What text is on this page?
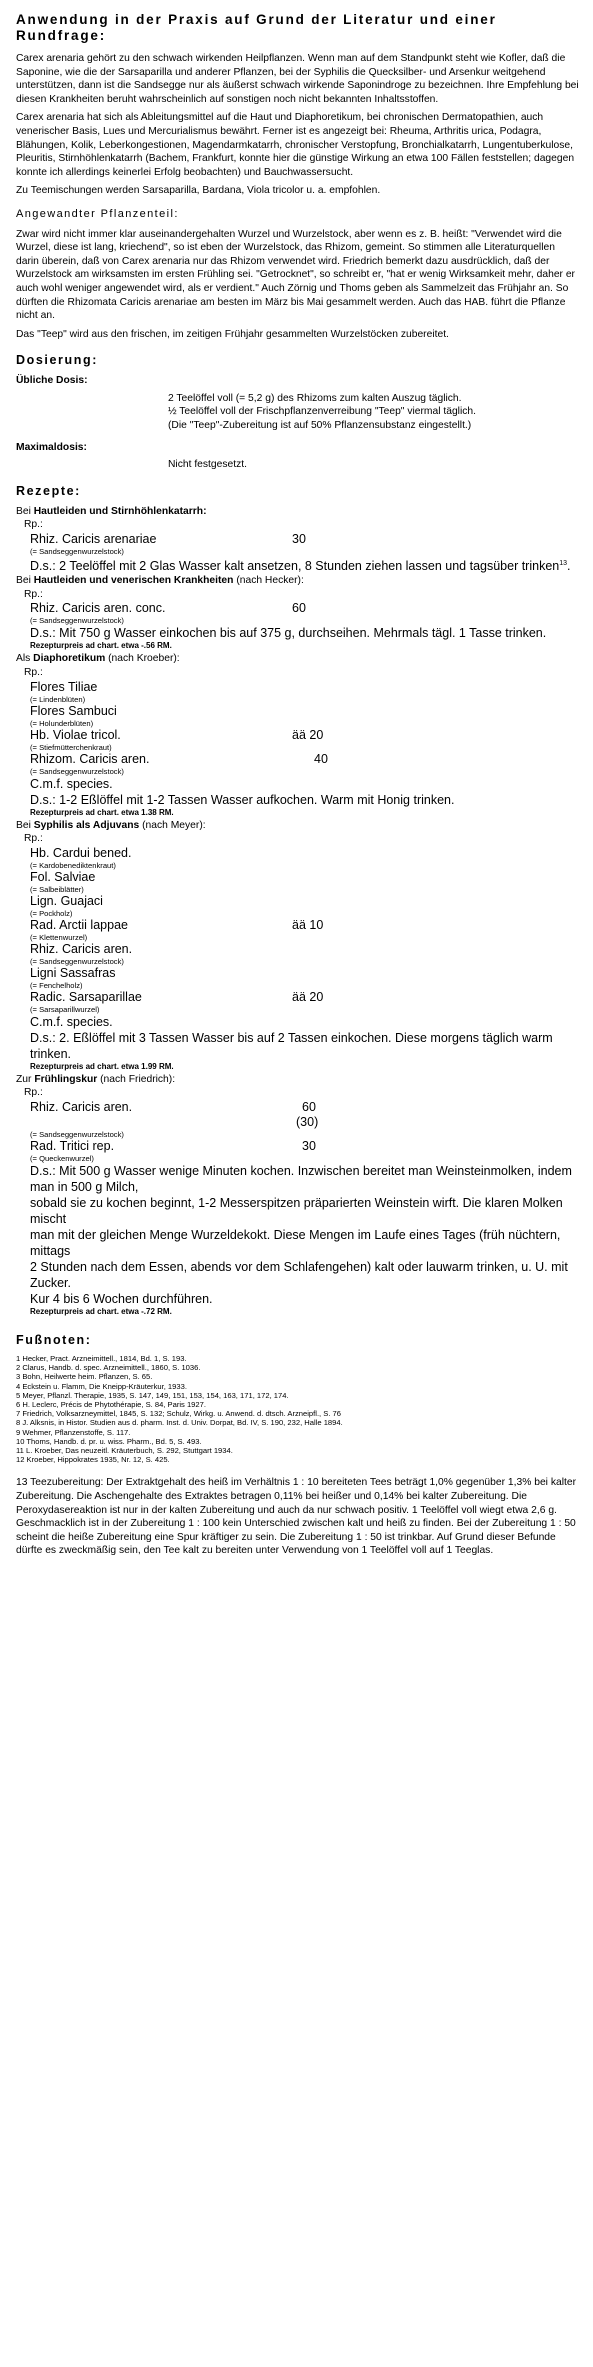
Anwendung in der Praxis auf Grund der Literatur und einer Rundfrage:

Carex arenaria gehört zu den schwach wirkenden Heilpflanzen. Wenn man auf dem Standpunkt steht wie Kofler, daß die Saponine, wie die der Sarsaparilla und anderer Pflanzen, bei der Syphilis die Quecksilber- und Arsenkur weitgehend unterstützen, dann ist die Sandsegge nur als äußerst schwach wirkende Saponindroge zu bezeichnen. Ihre Empfehlung bei diesen Krankheiten beruht wahrscheinlich auf sonstigen noch nicht bekannten Inhaltsstoffen.

Carex arenaria hat sich als Ableitungsmittel auf die Haut und Diaphoretikum, bei chronischen Dermatopathien, auch venerischer Basis, Lues und Mercurialismus bewährt. Ferner ist es angezeigt bei: Rheuma, Arthritis urica, Podagra, Blähungen, Kolik, Leberkongestionen, Magendarmkatarrh, chronischer Verstopfung, Bronchialkatarrh, Lungentuberkulose, Pleuritis, Stirnhöhlenkatarrh (Bachem, Frankfurt, konnte hier die günstige Wirkung an etwa 100 Fällen feststellen; dagegen konnte ich allerdings keinerlei Erfolg beobachten) und Bauchwassersucht.

Zu Teemischungen werden Sarsaparilla, Bardana, Viola tricolor u. a. empfohlen.

Angewandter Pflanzenteil:

Zwar wird nicht immer klar auseinandergehalten Wurzel und Wurzelstock, aber wenn es z. B. heißt: "Verwendet wird die Wurzel, diese ist lang, kriechend", so ist eben der Wurzelstock, das Rhizom, gemeint. So stimmen alle Literaturquellen darin überein, daß von Carex arenaria nur das Rhizom verwendet wird. Friedrich bemerkt dazu ausdrücklich, daß der Wurzelstock am wirksamsten im ersten Frühling sei. "Getrocknet", so schreibt er, "hat er wenig Wirksamkeit mehr, daher er auch wohl weniger angewendet wird, als er verdient." Auch Zörnig und Thoms geben als Sammelzeit das Frühjahr an. So dürften die Rhizomata Caricis arenariae am besten im März bis Mai gesammelt werden. Auch das HAB. führt die Pflanze nicht an.

Das "Teep" wird aus den frischen, im zeitigen Frühjahr gesammelten Wurzelstöcken zubereitet.

Dosierung:
Übliche Dosis:
2 Teelöffel voll (= 5,2 g) des Rhizoms zum kalten Auszug täglich.
½ Teelöffel voll der Frischpflanzenverreibung "Teep" viermal täglich.
(Die "Teep"-Zubereitung ist auf 50% Pflanzensubstanz eingestellt.)
Maximaldosis:
Nicht festgesetzt.
Rezepte:
Bei Hautleiden und Stirnhöhlenkatarrh:
Rp.:
Rhiz. Caricis arenariae	30
(= Sandseggenwurzelstock)
D.s.: 2 Teelöffel mit 2 Glas Wasser kalt ansetzen, 8 Stunden ziehen lassen und tagsüber trinken$^{13}$.
Bei Hautleiden und venerischen Krankheiten (nach Hecker):
Rp.:
Rhiz. Caricis aren. conc.	60
(= Sandseggenwurzelstock)
D.s.: Mit 750 g Wasser einkochen bis auf 375 g, durchseihen. Mehrmals tägl. 1 Tasse trinken.
Rezepturpreis ad chart. etwa -.56 RM.
Als Diaphoretikum (nach Kroeber):
Rp.:
Flores Tiliae
(= Lindenblüten)
Flores Sambuci
(= Holunderblüten)
Hb. Violae tricol.	ää 20
(= Stiefmütterchenkraut)
Rhizom. Caricis aren.	40
(= Sandseggenwurzelstock)
C.m.f. species.
D.s.: 1-2 Eßlöffel mit 1-2 Tassen Wasser aufkochen. Warm mit Honig trinken.
Rezepturpreis ad chart. etwa 1.38 RM.
Bei Syphilis als Adjuvans (nach Meyer):
Rp.:
Hb. Cardui bened.
(= Kardobenediktenkraut)
Fol. Salviae
(= Salbeiblätter)
Lign. Guajaci
(= Pockholz)
Rad. Arctii lappae	ää 10
(= Klettenwurzel)
Rhiz. Caricis aren.
(= Sandseggenwurzelstock)
Ligni Sassafras
(= Fenchelholz)
Radic. Sarsaparillae	ää 20
(= Sarsaparillwurzel)
C.m.f. species.
D.s.: 2. Eßlöffel mit 3 Tassen Wasser bis auf 2 Tassen einkochen. Diese morgens täglich warm trinken.
Rezepturpreis ad chart. etwa 1.99 RM.
Zur Frühlingskur (nach Friedrich):
Rp.:
Rhiz. Caricis aren.	60
(30)
(= Sandseggenwurzelstock)
Rad. Tritici rep.	30
(= Queckenwurzel)
D.s.: Mit 500 g Wasser wenige Minuten kochen. Inzwischen bereitet man Weinsteinmolken, indem man in 500 g Milch,
sobald sie zu kochen beginnt, 1-2 Messerspitzen präparierten Weinstein wirft. Die klaren Molken mischt
man mit der gleichen Menge Wurzeldekokt. Diese Mengen im Laufe eines Tages (früh nüchtern, mittags
2 Stunden nach dem Essen, abends vor dem Schlafengehen) kalt oder lauwarm trinken, u. U. mit Zucker.
Kur 4 bis 6 Wochen durchführen.
Rezepturpreis ad chart. etwa -.72 RM.
Fußnoten:
1 Hecker, Pract. Arzneimittell., 1814, Bd. 1, S. 193.
2 Clarus, Handb. d. spec. Arzneimittell., 1860, S. 1036.
3 Bohn, Heilwerte heim. Pflanzen, S. 65.
4 Eckstein u. Flamm, Die Kneipp-Kräuterkur, 1933.
5 Meyer, Pflanzl. Therapie, 1935, S. 147, 149, 151, 153, 154, 163, 171, 172, 174.
6 H. Leclerc, Précis de Phytothérapie, S. 84, Paris 1927.
7 Friedrich, Volksarzneymittel, 1845, S. 132; Schulz, Wirkg. u. Anwend. d. dtsch. Arzneipfl., S. 76
8 J. Alksnis, in Histor. Studien aus d. pharm. Inst. d. Univ. Dorpat, Bd. IV, S. 190, 232, Halle 1894.
9 Wehmer, Pflanzenstoffe, S. 117.
10 Thoms, Handb. d. pr. u. wiss. Pharm., Bd. 5, S. 493.
11 L. Kroeber, Das neuzeitl. Kräuterbuch, S. 292, Stuttgart 1934.
12 Kroeber, Hippokrates 1935, Nr. 12, S. 425.

13 Teezubereitung: Der Extraktgehalt des heiß im Verhältnis 1 : 10 bereiteten Tees beträgt 1,0% gegenüber 1,3% bei kalter Zubereitung. Die Aschengehalte des Extraktes betragen 0,11% bei heißer und 0,14% bei kalter Zubereitung. Die Peroxydasereaktion ist nur in der kalten Zubereitung und auch da nur schwach positiv. 1 Teelöffel voll wiegt etwa 2,6 g. Geschmacklich ist in der Zubereitung 1 : 100 kein Unterschied zwischen kalt und heiß zu finden. Bei der Zubereitung 1 : 50 scheint die heiße Zubereitung eine Spur kräftiger zu sein. Die Zubereitung 1 : 50 ist trinkbar. Auf Grund dieser Befunde dürfte es zweckmäßig sein, den Tee kalt zu bereiten unter Verwendung von 1 Teelöffel voll auf 1 Teeglas.
